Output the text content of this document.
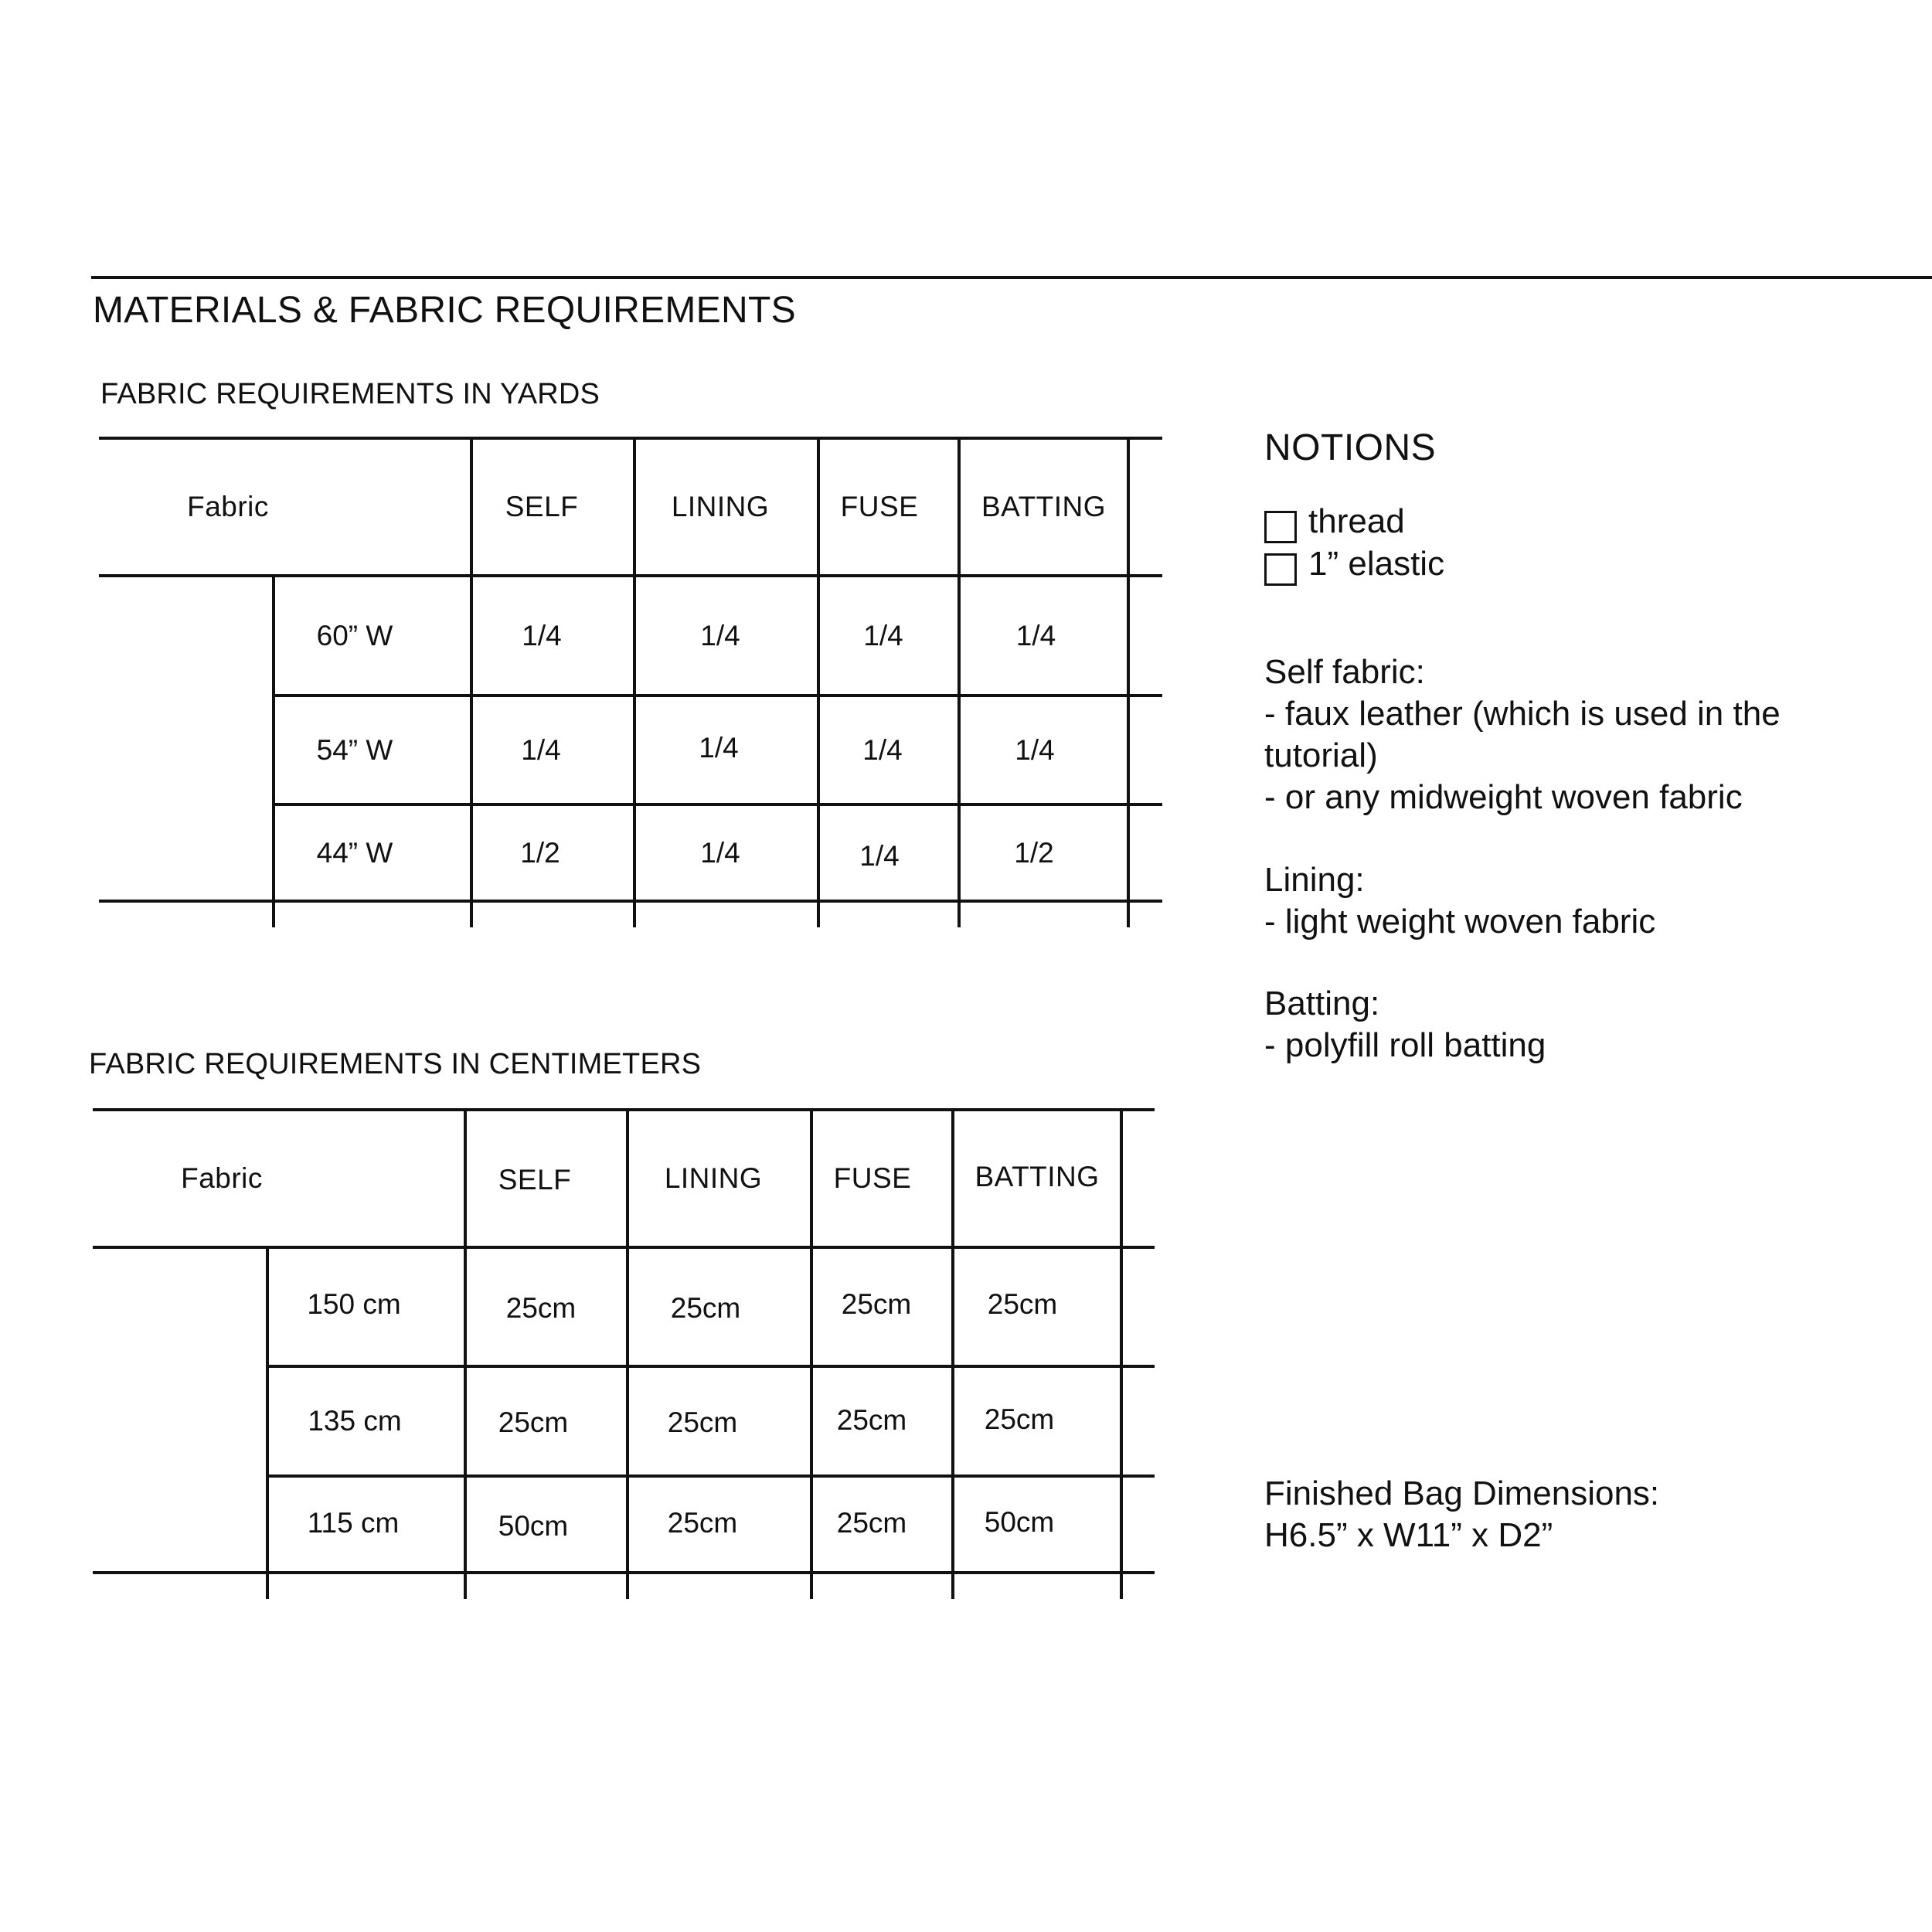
MATERIALS & FABRIC REQUIREMENTS
FABRIC REQUIREMENTS IN YARDS
Fabric	SELF	LINING	FUSE	BATTING
60” W	1/4	1/4	1/4	1/4
54” W	1/4	1/4	1/4	1/4
44” W	1/2	1/4	1/4	1/2
FABRIC REQUIREMENTS IN CENTIMETERS
Fabric	SELF	LINING	FUSE	BATTING
150 cm	25cm	25cm	25cm	25cm
135 cm	25cm	25cm	25cm	25cm
115 cm	50cm	25cm	25cm	50cm
NOTIONS
thread
1” elastic
Self fabric:
- faux leather (which is used in the
tutorial)
- or any midweight woven fabric
Lining:
- light weight woven fabric
Batting:
- polyfill roll batting
Finished Bag Dimensions:
H6.5” x W11” x D2”
